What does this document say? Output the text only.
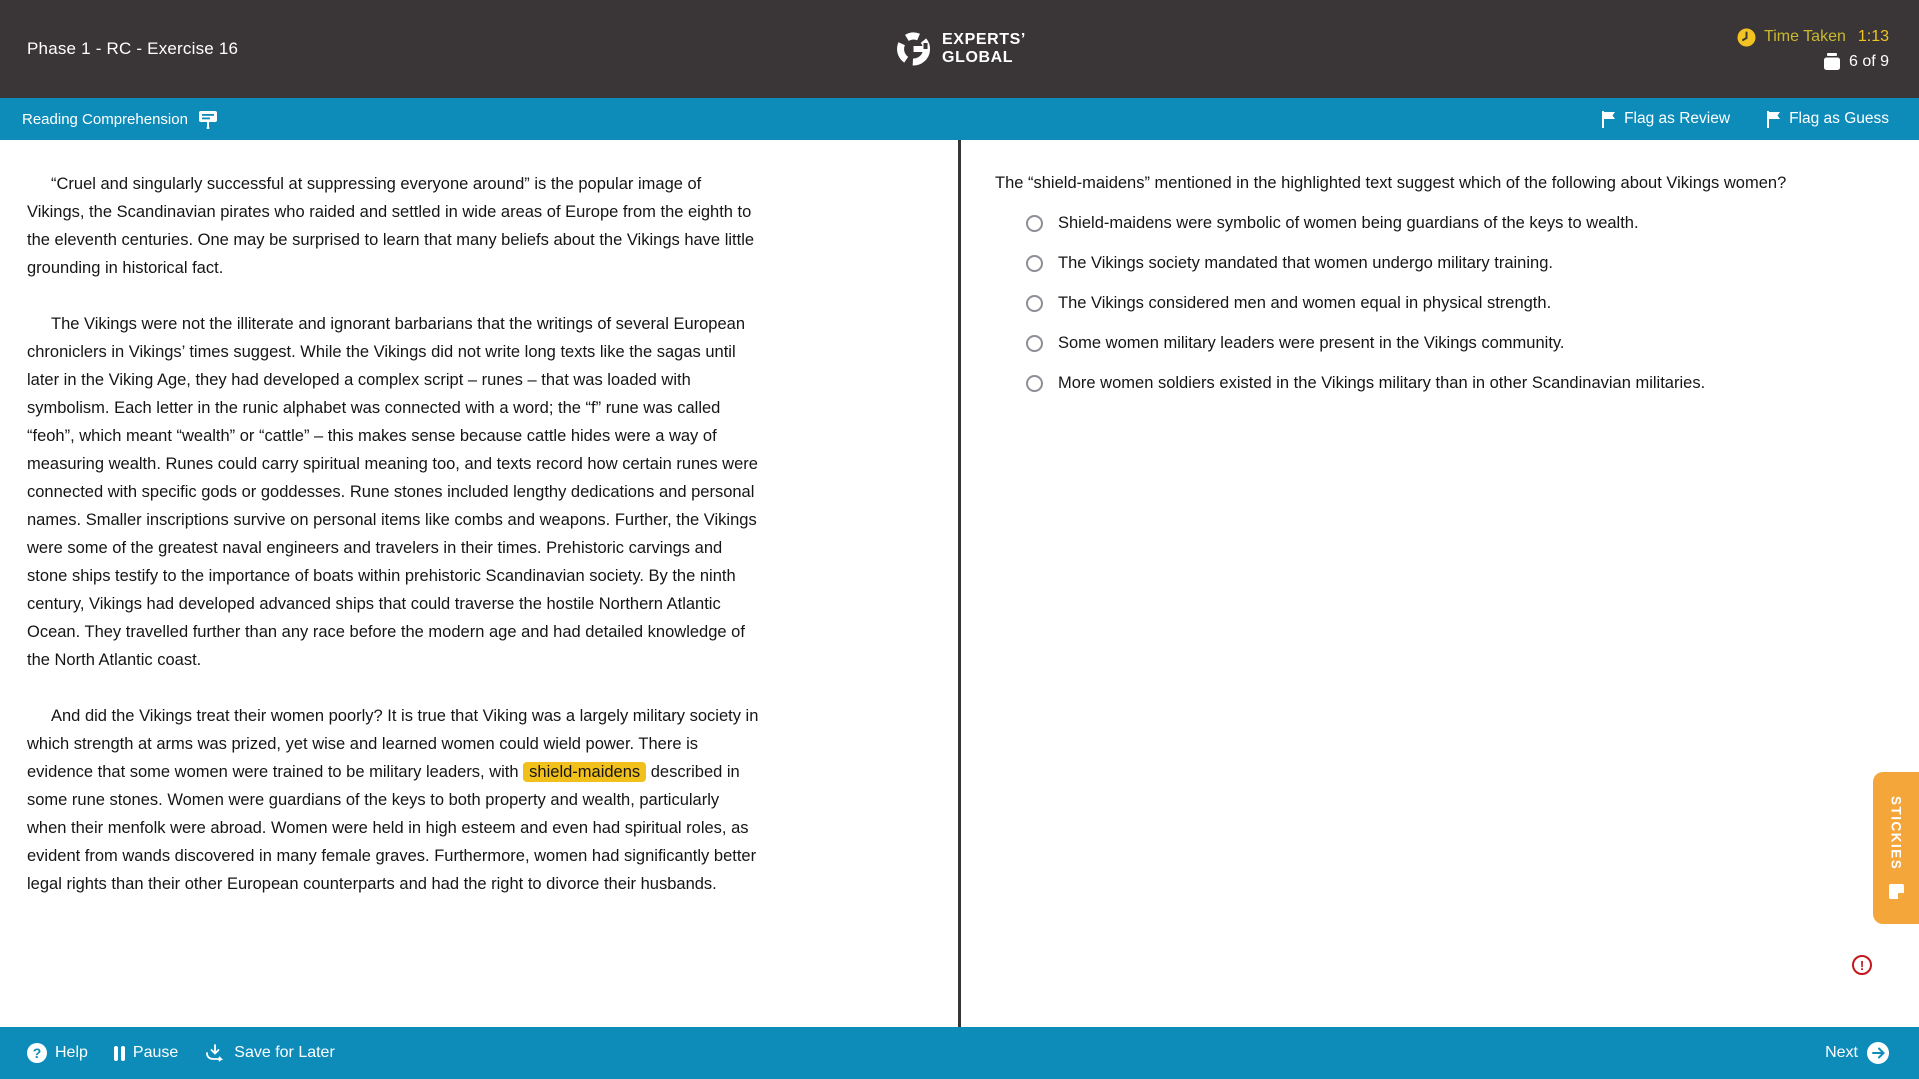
Phase 1 - RC - Exercise 16	EXPERTS’
GLOBAL
Time Taken 1:13
6 of 9
Reading Comprehension	Flag as Review	Flag as Guess

“Cruel and singularly successful at suppressing everyone around” is the popular image of Vikings, the Scandinavian pirates who raided and settled in wide areas of Europe from the eighth to the eleventh centuries. One may be surprised to learn that many beliefs about the Vikings have little grounding in historical fact.

The Vikings were not the illiterate and ignorant barbarians that the writings of several European chroniclers in Vikings’ times suggest. While the Vikings did not write long texts like the sagas until later in the Viking Age, they had developed a complex script – runes – that was loaded with symbolism. Each letter in the runic alphabet was connected with a word; the “f” rune was called “feoh”, which meant “wealth” or “cattle” – this makes sense because cattle hides were a way of measuring wealth. Runes could carry spiritual meaning too, and texts record how certain runes were connected with specific gods or goddesses. Rune stones included lengthy dedications and personal names. Smaller inscriptions survive on personal items like combs and weapons. Further, the Vikings were some of the greatest naval engineers and travelers in their times. Prehistoric carvings and stone ships testify to the importance of boats within prehistoric Scandinavian society. By the ninth century, Vikings had developed advanced ships that could traverse the hostile Northern Atlantic Ocean. They travelled further than any race before the modern age and had detailed knowledge of the North Atlantic coast.

And did the Vikings treat their women poorly? It is true that Viking was a largely military society in which strength at arms was prized, yet wise and learned women could wield power. There is evidence that some women were trained to be military leaders, with shield-maidens described in some rune stones. Women were guardians of the keys to both property and wealth, particularly when their menfolk were abroad. Women were held in high esteem and even had spiritual roles, as evident from wands discovered in many female graves. Furthermore, women had significantly better legal rights than their other European counterparts and had the right to divorce their husbands.

The “shield-maidens” mentioned in the highlighted text suggest which of the following about Vikings women?
Shield-maidens were symbolic of women being guardians of the keys to wealth.
The Vikings society mandated that women undergo military training.
The Vikings considered men and women equal in physical strength.
Some women military leaders were present in the Vikings community.
More women soldiers existed in the Vikings military than in other Scandinavian militaries.
STICKIES
!
? Help	Pause	Save for Later	Next
